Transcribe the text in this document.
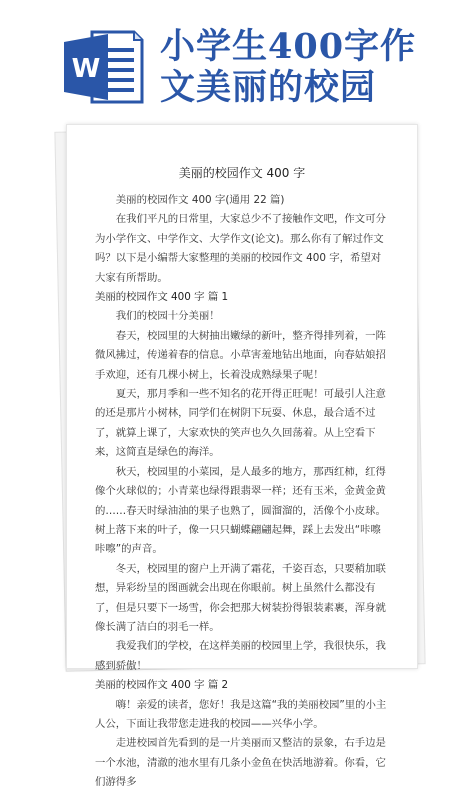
W
小学生400字作
文美丽的校园
美丽的校园作文 400 字

美丽的校园作文 400 字(通用 22 篇)

在我们平凡的日常里，大家总少不了接触作文吧，作文可分为小学作文、中学作文、大学作文(论文)。那么你有了解过作文吗？以下是小编帮大家整理的美丽的校园作文 400 字，希望对大家有所帮助。

美丽的校园作文 400 字 篇 1

我们的校园十分美丽！

春天，校园里的大树抽出嫩绿的新叶，整齐得排列着，一阵微风拂过，传递着春的信息。小草害羞地钻出地面，向春姑娘招手欢迎，还有几棵小树上，长着没成熟绿果子呢！

夏天，那月季和一些不知名的花开得正旺呢！可最引人注意的还是那片小树林，同学们在树阴下玩耍、休息，最合适不过了，就算上课了，大家欢快的笑声也久久回荡着。从上空看下来，这简直是绿色的海洋。

秋天，校园里的小菜园，是人最多的地方，那西红柿，红得像个火球似的；小青菜也绿得跟翡翠一样；还有玉米，金黄金黄的……春天时绿油油的果子也熟了，圆溜溜的，活像个小皮球。树上落下来的叶子，像一只只蝴蝶翩翩起舞，踩上去发出“咔嚓咔嚓”的声音。

冬天，校园里的窗户上开满了霜花，千姿百态，只要稍加联想，异彩纷呈的图画就会出现在你眼前。树上虽然什么都没有了，但是只要下一场雪，你会把那大树装扮得银装素裹，浑身就像长满了洁白的羽毛一样。

我爱我们的学校，在这样美丽的校园里上学，我很快乐，我感到骄傲！

美丽的校园作文 400 字 篇 2

嗨！亲爱的读者，您好！我是这篇“我的美丽校园”里的小主人公，下面让我带您走进我的校园——兴华小学。

走进校园首先看到的是一片美丽而又整洁的景象，右手边是一个水池，清澈的池水里有几条小金鱼在快活地游着。你看，它们游得多
